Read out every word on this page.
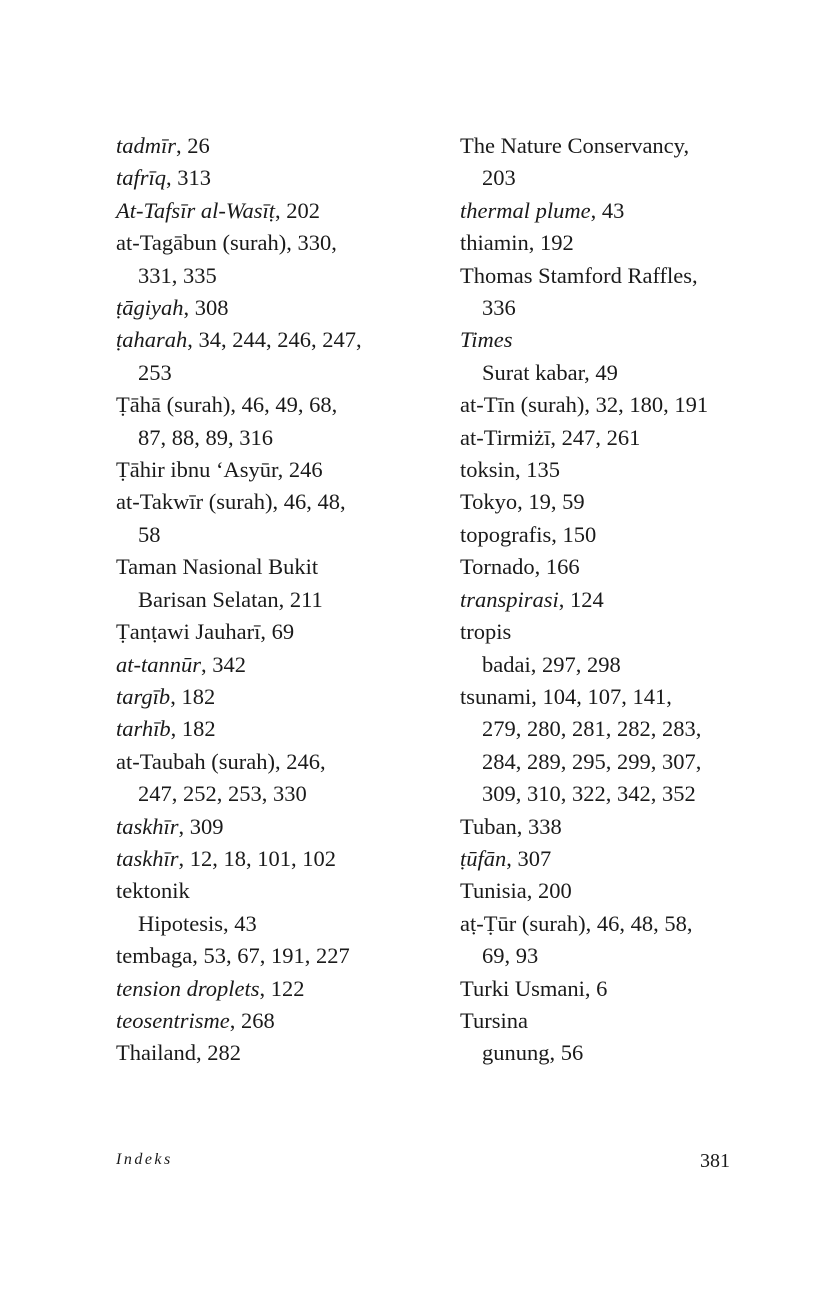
tadmīr, 26
tafrīq, 313
At-Tafsīr al-Wasīṭ, 202
at-Tagābun (surah), 330,
331, 335
ṭāgiyah, 308
ṭaharah, 34, 244, 246, 247,
253
Ṭāhā (surah), 46, 49, 68,
87, 88, 89, 316
Ṭāhir ibnu ‘Asyūr, 246
at-Takwīr (surah), 46, 48,
58
Taman Nasional Bukit
Barisan Selatan, 211
Ṭanṭawi Jauharī, 69
at-tannūr, 342
targīb, 182
tarhīb, 182
at-Taubah (surah), 246,
247, 252, 253, 330
taskhīr, 309
taskhīr, 12, 18, 101, 102
tektonik
Hipotesis, 43
tembaga, 53, 67, 191, 227
tension droplets, 122
teosentrisme, 268
Thailand, 282
The Nature Conservancy,
203
thermal plume, 43
thiamin, 192
Thomas Stamford Raffles,
336
Times
Surat kabar, 49
at-Tīn (surah), 32, 180, 191
at-Tirmiżī, 247, 261
toksin, 135
Tokyo, 19, 59
topografis, 150
Tornado, 166
transpirasi, 124
tropis
badai, 297, 298
tsunami, 104, 107, 141,
279, 280, 281, 282, 283,
284, 289, 295, 299, 307,
309, 310, 322, 342, 352
Tuban, 338
ṭūfān, 307
Tunisia, 200
aṭ-Ṭūr (surah), 46, 48, 58,
69, 93
Turki Usmani, 6
Tursina
gunung, 56
Indeks	381
